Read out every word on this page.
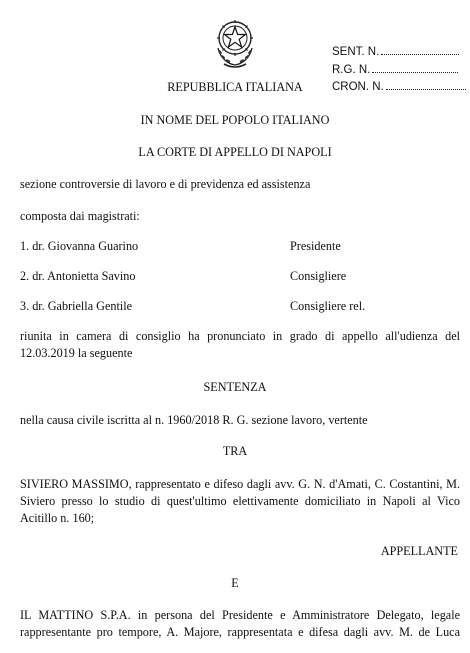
SENT. N.
R.G. N.
CRON. N.
REPUBBLICA ITALIANA
IN NOME DEL POPOLO ITALIANO
LA CORTE DI APPELLO DI NAPOLI
sezione controversie di lavoro e di previdenza ed assistenza
composta dai magistrati:
1. dr. Giovanna Guarino	Presidente
2. dr. Antonietta Savino	Consigliere
3. dr. Gabriella Gentile	Consigliere rel.
riunita in camera di consiglio ha pronunciato in grado di appello all'udienza del
12.03.2019 la seguente
SENTENZA
nella causa civile iscritta al n. 1960/2018 R. G. sezione lavoro, vertente
TRA
SIVIERO MASSIMO, rappresentato e difeso dagli avv. G. N. d'Amati, C. Costantini, M.
Siviero presso lo studio di quest'ultimo elettivamente domiciliato in Napoli al Vico
Acitillo n. 160;
APPELLANTE
E
IL MATTINO S.P.A. in persona del Presidente e Amministratore Delegato, legale
rappresentante pro tempore, A. Majore, rappresentata e difesa dagli avv. M. de Luca
